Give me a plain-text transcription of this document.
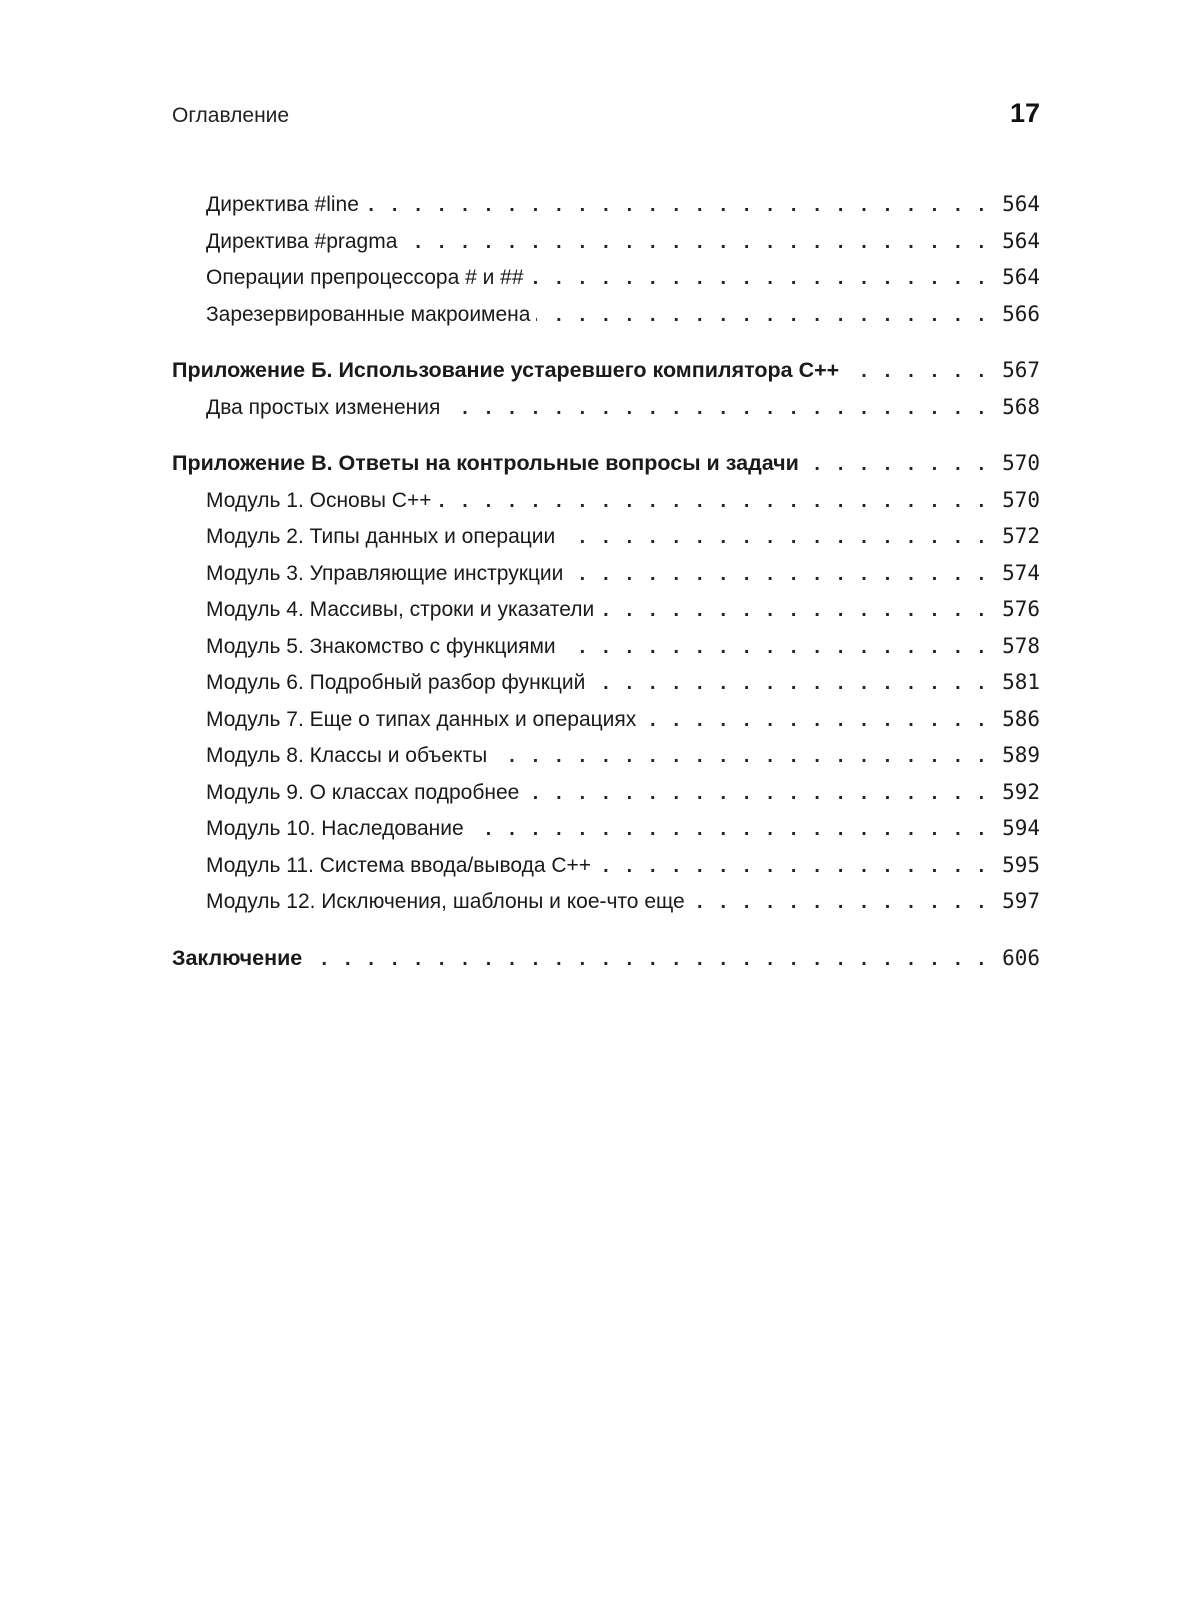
Оглавление	17
Директива #line . . .	564
Директива #pragma . . .	564
Операции препроцессора # и ## . . .	564
Зарезервированные макроимена . . .	566
Приложение Б. Использование устаревшего компилятора С++ . . .	567
Два простых изменения . . .	568
Приложение В. Ответы на контрольные вопросы и задачи . . .	570
Модуль 1. Основы С++ . . .	570
Модуль 2. Типы данных и операции . . .	572
Модуль 3. Управляющие инструкции . . .	574
Модуль 4. Массивы, строки и указатели . . .	576
Модуль 5. Знакомство с функциями . . .	578
Модуль 6. Подробный разбор функций . . .	581
Модуль 7. Еще о типах данных и операциях . . .	586
Модуль 8. Классы и объекты . . .	589
Модуль 9. О классах подробнее . . .	592
Модуль 10. Наследование . . .	594
Модуль 11. Система ввода/вывода С++ . . .	595
Модуль 12. Исключения, шаблоны и кое-что еще . . .	597
Заключение . . .	606
